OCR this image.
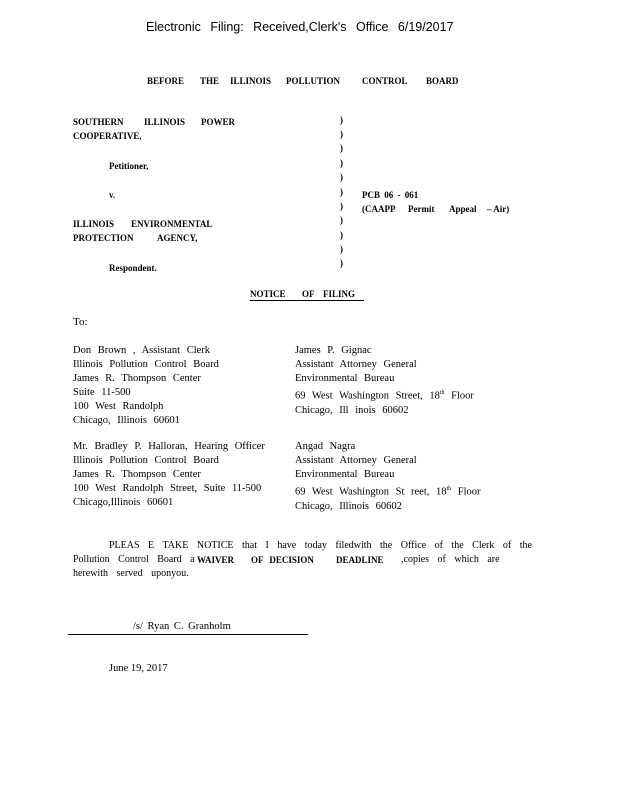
Electronic Filing: Received,Clerk's Office 6/19/2017
BEFORE THE ILLINOIS POLLUTION CONTROL BOARD
SOUTHERN ILLINOIS POWER
COOPERATIVE,
Petitioner,
v.
ILLINOIS ENVIRONMENTAL
PROTECTION	AGENCY,
Respondent.
)
)
)
)
)
)
)
)
)
)
)
PCB 06 - 061
(CAAPP Permit Appeal – Air)
NOTICE OF FILING
To:
Don Brown , Assistant Clerk
Illinois Pollution Control Board
James R. Thompson Center
Suite 11-500
100 West Randolph
Chicago, Illinois 60601
James P. Gignac
Assistant Attorney General
Environmental Bureau
69 West Washington Street, 18th Floor
Chicago, Ill inois 60602
Mr. Bradley P. Halloran, Hearing Officer
Illinois Pollution Control Board
James R. Thompson Center
100 West Randolph Street, Suite 11-500
Chicago,Illinois 60601
Angad Nagra
Assistant Attorney General
Environmental Bureau
69 West Washington St reet, 18th Floor
Chicago, Illinois 60602
PLEAS E TAKE NOTICE that I have today filedwith the Office of the Clerk of the
Pollution Control Board a WAIVER OF DECISION DEADLINE ,copies of which are
herewith served uponyou.
/s/ Ryan C. Granholm
June 19, 2017
